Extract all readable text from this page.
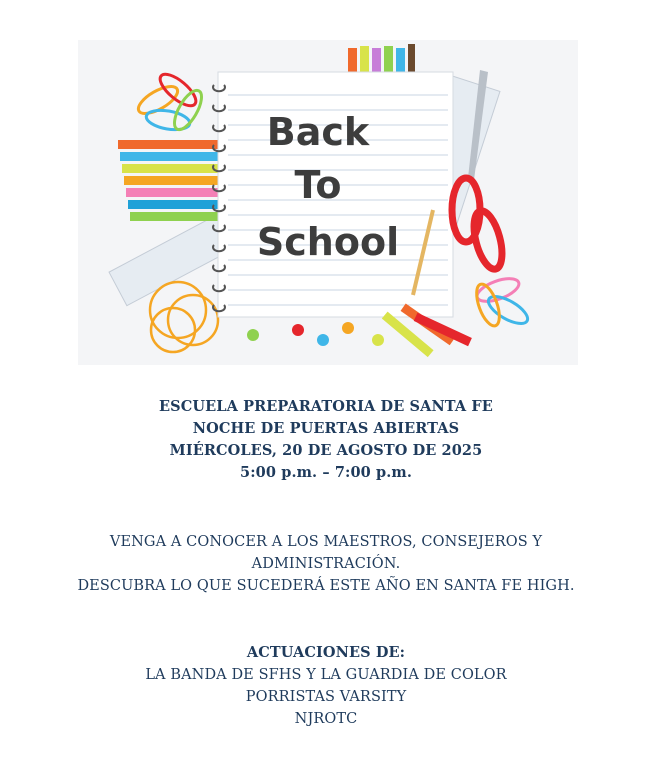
Back
To
School
ESCUELA PREPARATORIA DE SANTA FE
NOCHE DE PUERTAS ABIERTAS
MIÉRCOLES, 20 DE AGOSTO DE 2025
5:00 p.m. – 7:00 p.m.
VENGA A CONOCER A LOS MAESTROS, CONSEJEROS Y
ADMINISTRACIÓN.
DESCUBRA LO QUE SUCEDERÁ ESTE AÑO EN SANTA FE HIGH.
ACTUACIONES DE:
LA BANDA DE SFHS Y LA GUARDIA DE COLOR
PORRISTAS VARSITY
NJROTC
